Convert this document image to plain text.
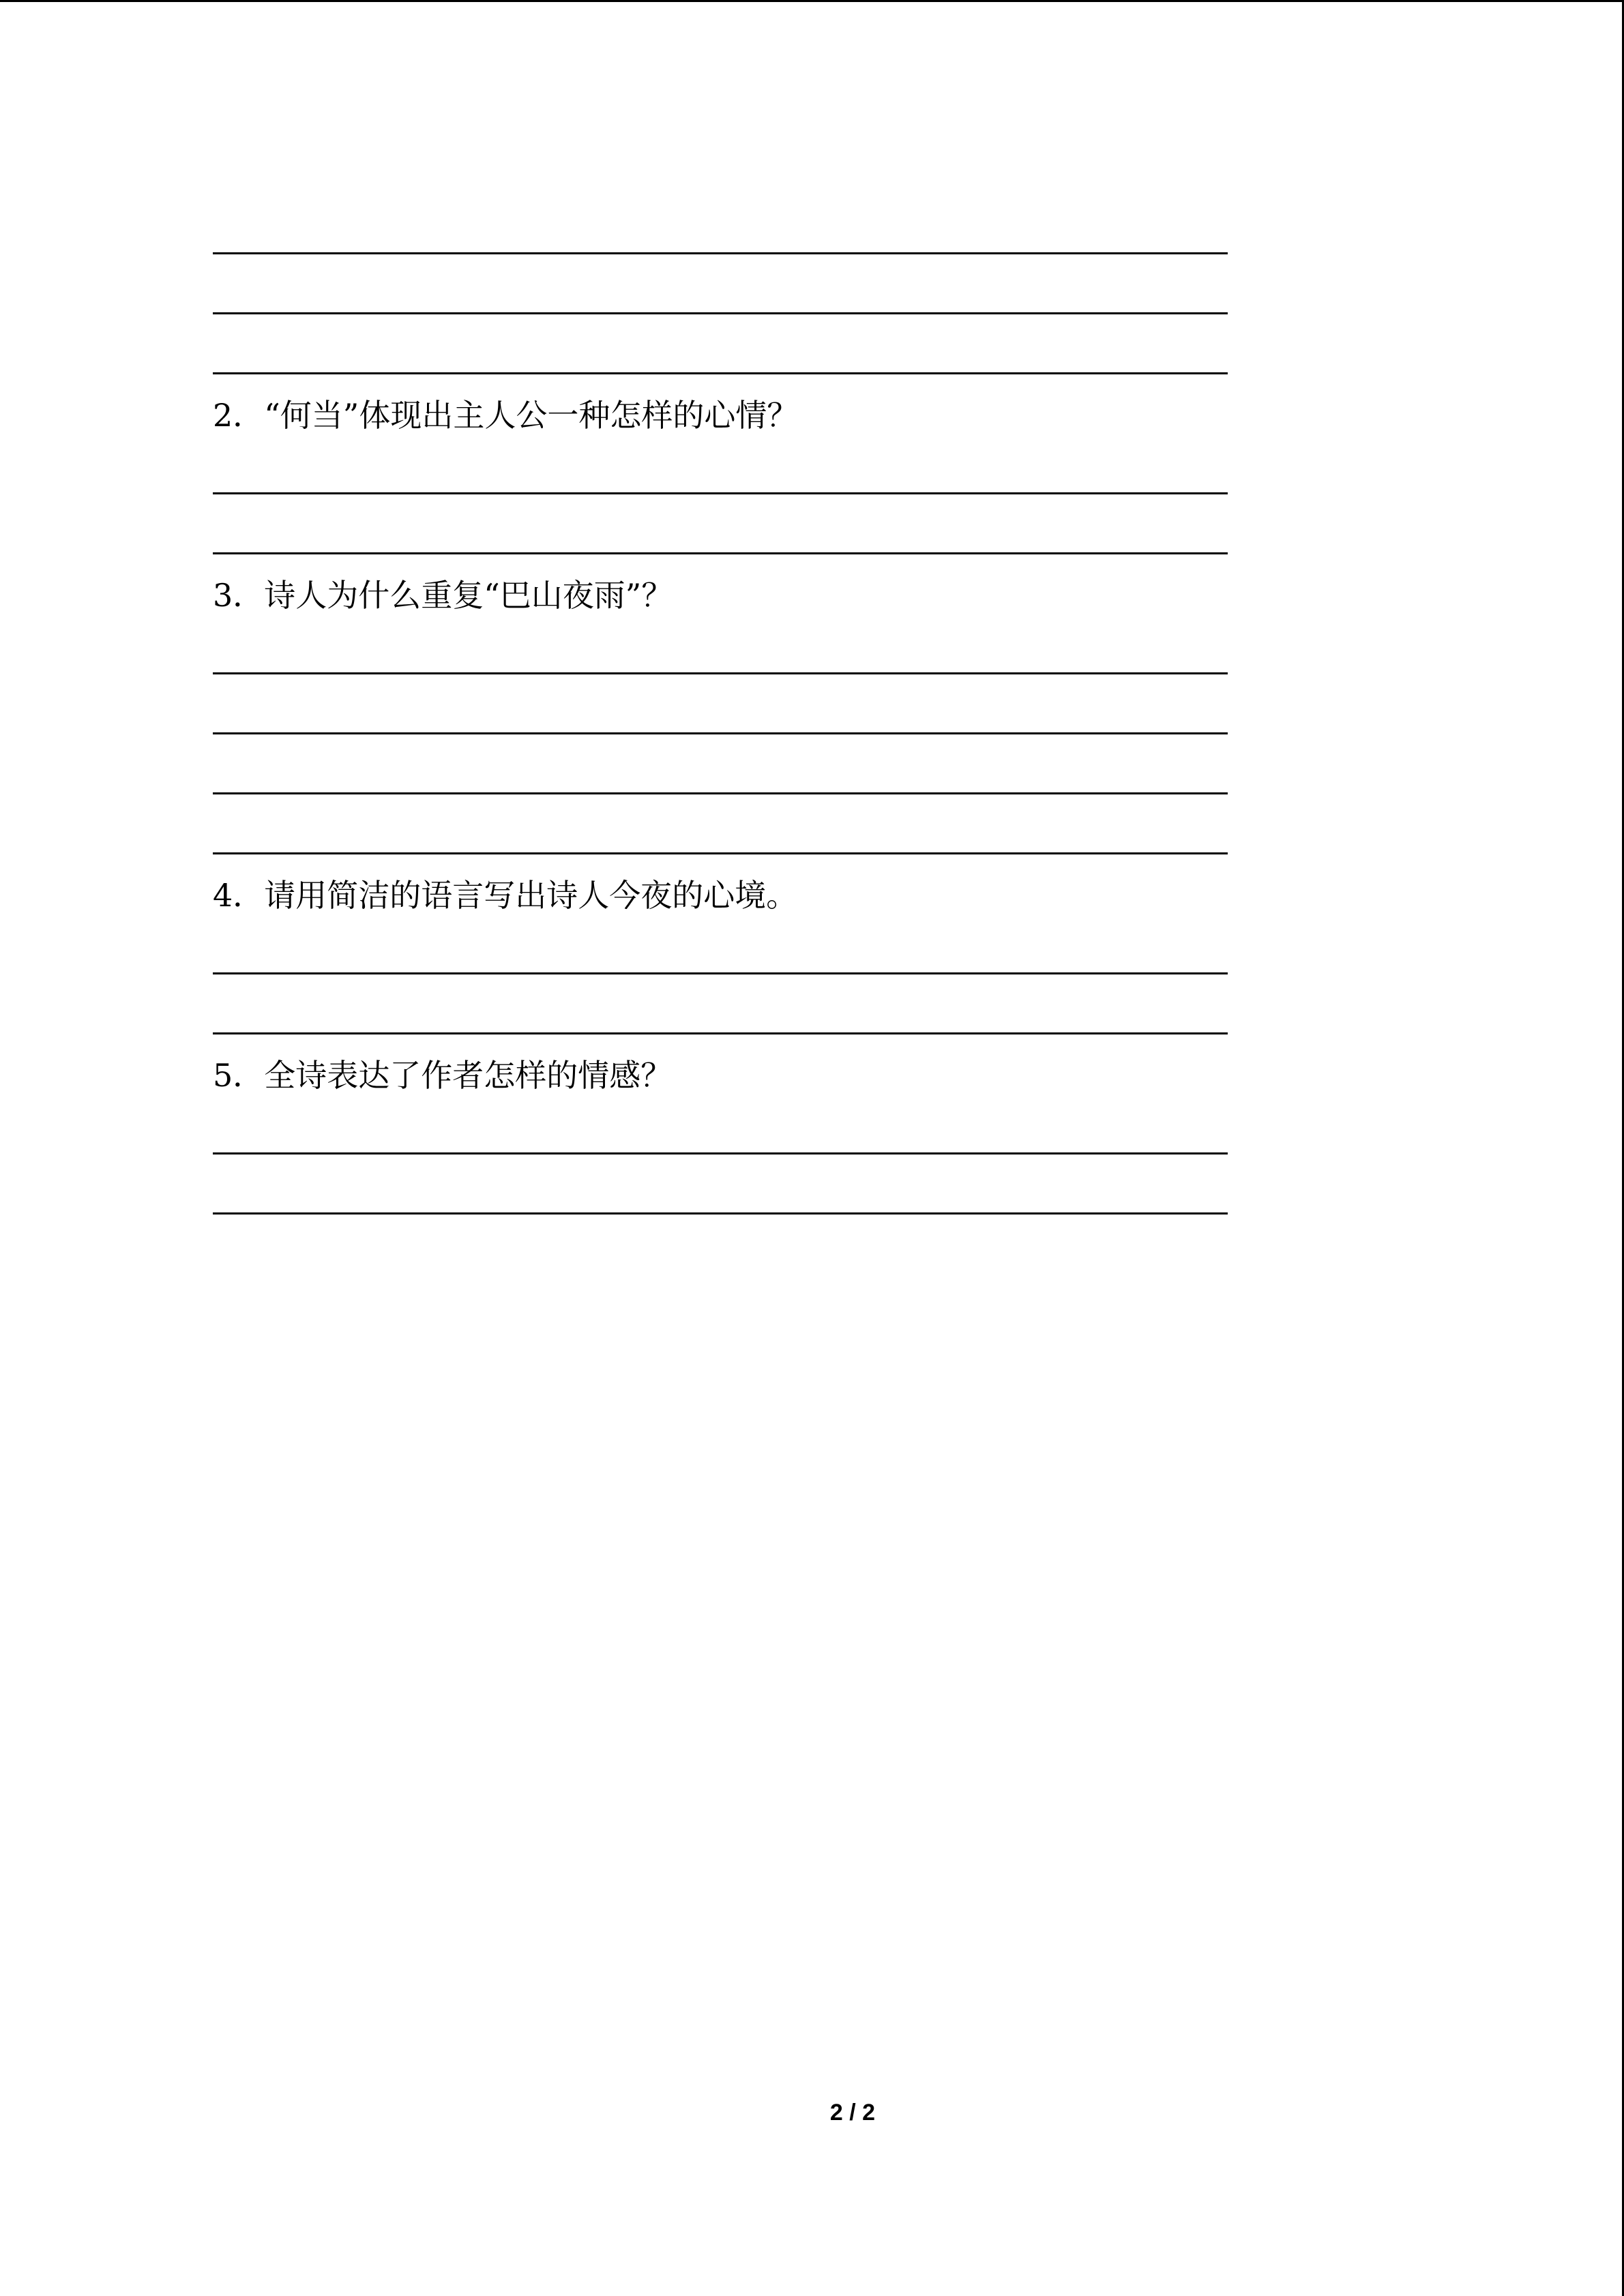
2．“何当”体现出主人公一种怎样的心情？
3．诗人为什么重复“巴山夜雨”？
4．请用简洁的语言写出诗人今夜的心境。
5．全诗表达了作者怎样的情感？
2 / 2
